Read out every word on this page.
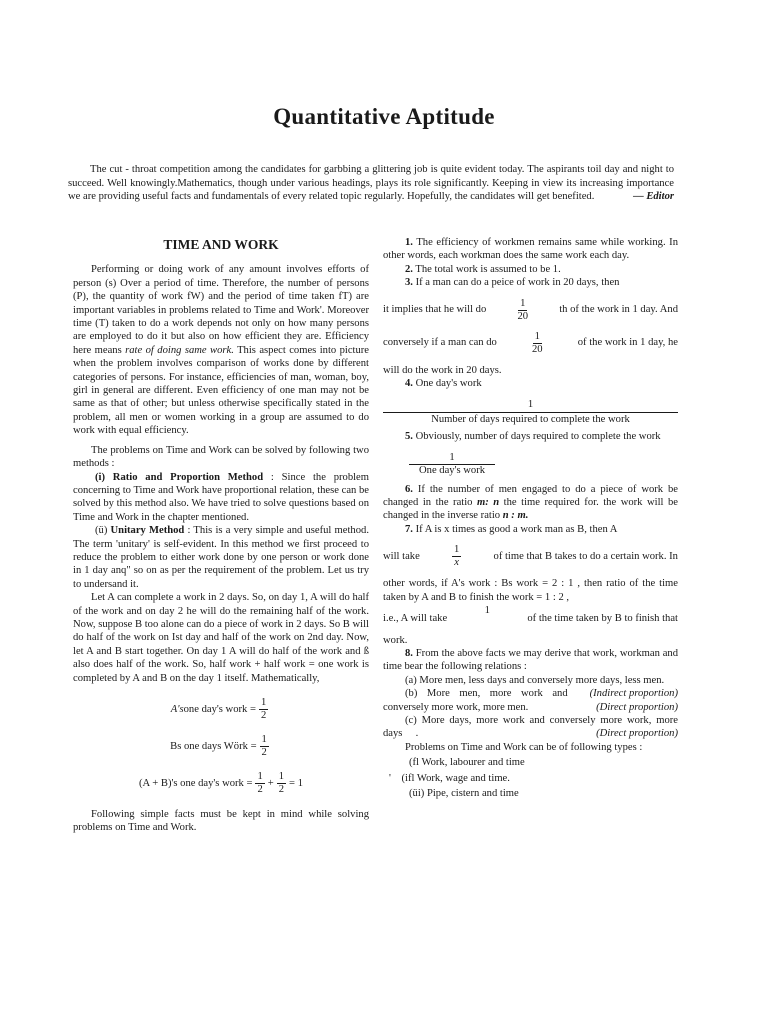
Quantitative Aptitude
The cut - throat competition among the candidates for garbbing a glittering job is quite evident today. The aspirants toil day and night to succeed. Well knowingly.Mathematics, though under various headings, plays its role significantly. Keeping in view its increasing importance we are providing useful facts and fundamentals of every related topic regularly. Hopefully, the candidates will get benefited.	— Editor
TIME AND WORK

Performing or doing work of any amount involves efforts of person (s) Over a period of time. Therefore, the number of persons (P), the quantity of work fW) and the period of time taken fT) are important variables in problems related to Time and Work'. Moreover time (T) taken to do a work depends not only on how many persons are employed to do it but also on how efficient they are. Efficiency here means rate of doing same work. This aspect comes into picture when the problem involves comparison of works done by different categories of persons. For instance, efficiencies of man, woman, boy, girl in general are different. Even efficiency of one man may not be same as that of other; but unless otherwise specifically stated in the problem, all men or women working in a group are assumed to do work with equal efficiency.

The problems on Time and Work can be solved by following two methods :

(i) Ratio and Proportion Method : Since the problem concerning to Time and Work have proportional relation, these can be solved by this method also. We have tried to solve questions based on Time and Work in the chapter mentioned.

(ü) Unitary Method : This is a very simple and useful method. The term 'unitary' is self-evident. In this method we first proceed to reduce the problem to either work done by one person or work done in 1 day anq" so on as per the requirement of the problem. Let us try to undersand it.

Let A can complete a work in 2 days. So, on day 1, A will do half of the work and on day 2 he will do the remaining half of the work. Now, suppose B too alone can do a piece of work in 2 days. So B will do half of the work on Ist day and half of the work on 2nd day. Now, let A and B start together. On day 1 A will do half of the work and ß also does half of the work. So, half work + half work = one work is completed by A and B on the day 1 itself. Mathematically,

A's one day's work = $\frac{1}{2}$
Bs one days Wörk = $\frac{1}{2}$
(A + B)'s one day's work = $\frac{1}{2} + \frac{1}{2}$ =
1

Following simple facts must be kept in mind while solving problems on Time and Work.

1. The efficiency of workmen remains same while working. In other words, each workman does the same work each day.

2. The total work is assumed to be 1.

3. If a man can do a peice of work in 20 days, then

it implies that he will do	$\frac{1}{20}$	th of the work in 1 day. And
conversely if a man can do	$\frac{1}{20}$	of the work in 1 day, he

will do the work in 20 days.

4. One day's work

1
Number of days required to complete the work

5. Obviously, number of days required to complete the work

$\frac{1}{\text{One day's work}}$

6. If the number of men engaged to do a piece of work be changed in the ratio m: n the time required for. the work will be changed in the inverse ratio n : m.

7. If A is x times as good a work man as B, then A

will take	$\frac{1}{x}$	of time that B takes to do a certain work. In

other words, if A's work : Bs work = 2 : 1 , then ratio of the time taken by A and B to finish the work = 1 : 2 ,

i.e., A will take
1
of the time taken by B to finish that

work.

8. From the above facts we may derive that work, workman and time bear the following relations :

(a) More men, less days and conversely more days, less men.
(Indirect proportion)

(b) More men, more work and conversely more work, more men.	(Direct proportion)

(c) More days, more work and conversely more work, more days .	(Direct proportion)

Problems on Time and Work can be of following types :

(fl Work, labourer and time
' (ifl Work, wage and time.
(üi) Pipe, cistern and time
